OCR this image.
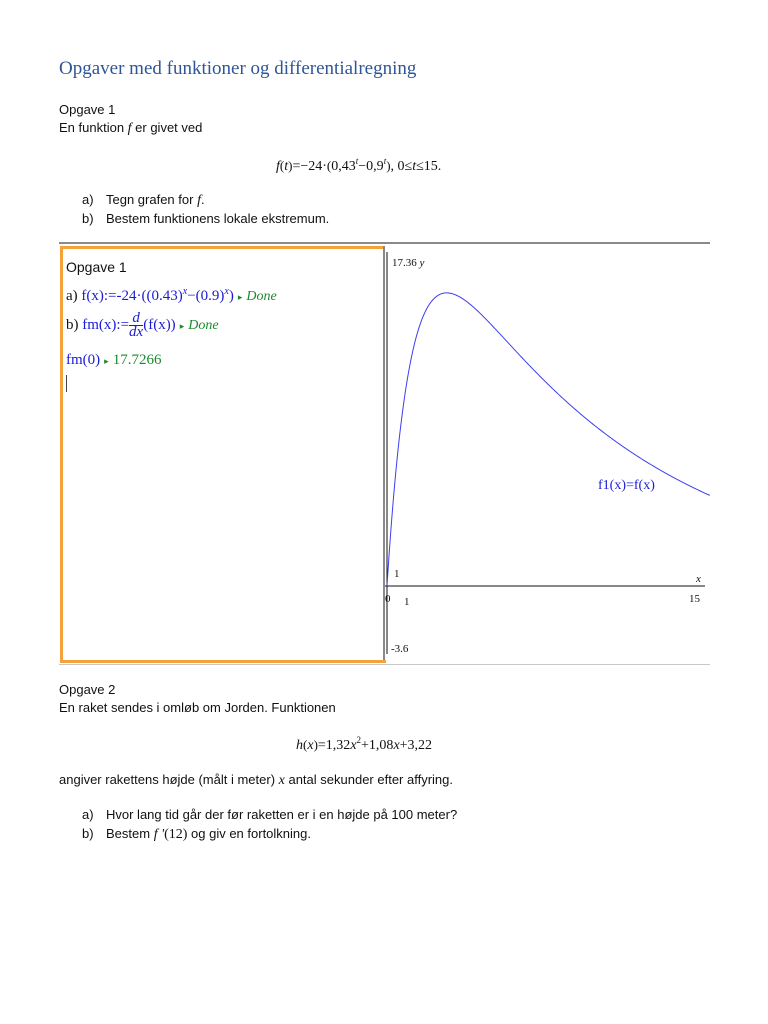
Opgaver med funktioner og differentialregning
Opgave 1
En funktion f er givet ved
$f(t)=-24\cdot(0,43^t-0,9^t)$, 0≤t≤15.
a) Tegn grafen for f.
b) Bestem funktionens lokale ekstremum.
Opgave 1
a) $f(x):=-24\cdot((0.43)^x-(0.9)^x)$ ▸ Done
b) fm(x):= $\frac{d}{dx} (f(x))$ ▸ Done
fm(0) ▸ 17.7266
17.36 y
1	x
0 1	15
-3.6
f1(x)=f(x)
Opgave 2
En raket sendes i omløb om Jorden. Funktionen
$h(x)=1,32x^2+1,08x+3,22$
angiver rakettens højde (målt i meter) x antal sekunder efter affyring.
a) Hvor lang tid går der før raketten er i en højde på 100 meter?
b) Bestem f '(12) og giv en fortolkning.
